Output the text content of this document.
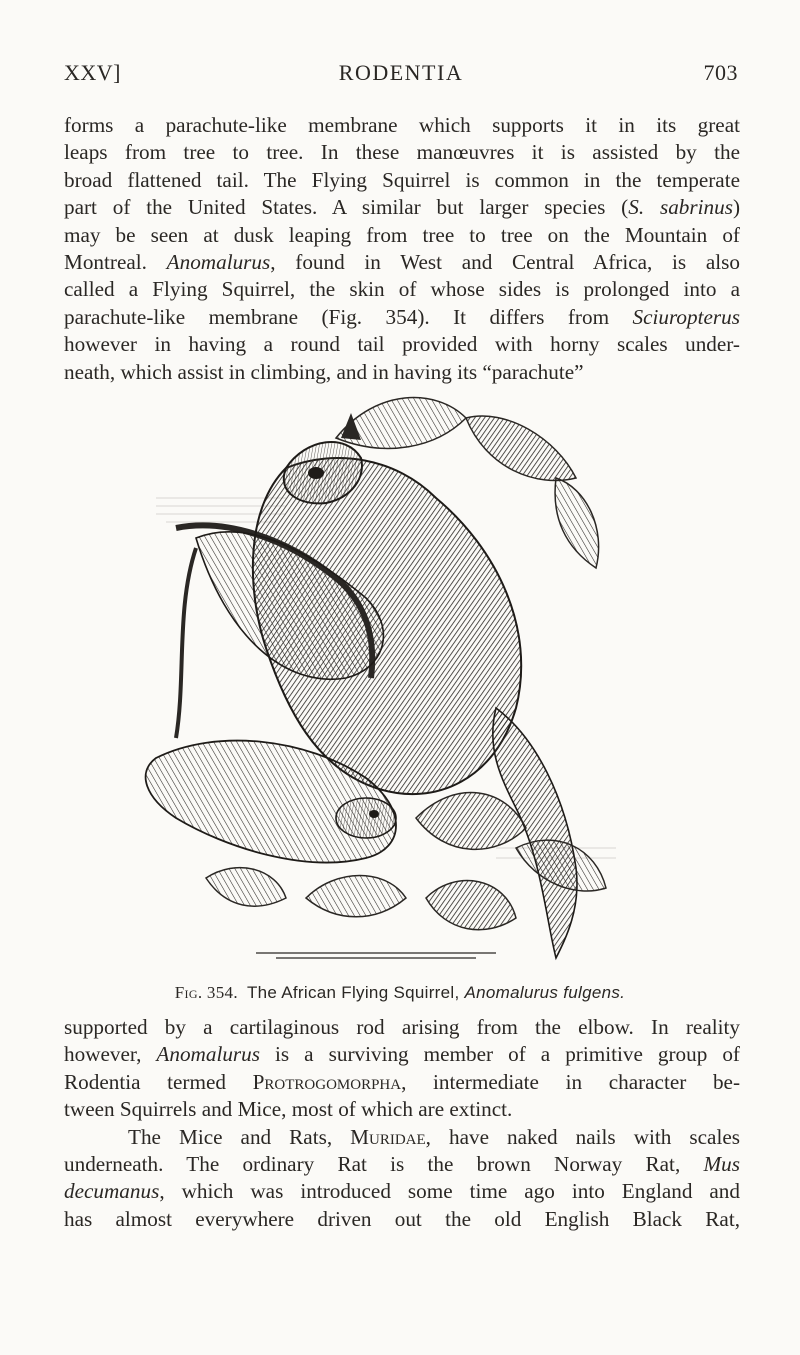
XXV]	RODENTIA	703
forms a parachute-like membrane which supports it in its great
leaps from tree to tree. In these manœuvres it is assisted by the
broad flattened tail. The Flying Squirrel is common in the temperate
part of the United States. A similar but larger species (S. sabrinus)
may be seen at dusk leaping from tree to tree on the Mountain of
Montreal. Anomalurus, found in West and Central Africa, is also
called a Flying Squirrel, the skin of whose sides is prolonged into a
parachute-like membrane (Fig. 354). It differs from Sciuropterus
however in having a round tail provided with horny scales under-
neath, which assist in climbing, and in having its “parachute”
Fig. 354. The African Flying Squirrel, Anomalurus fulgens.
supported by a cartilaginous rod arising from the elbow. In reality
however, Anomalurus is a surviving member of a primitive group of
Rodentia termed Protrogomorpha, intermediate in character be-
tween Squirrels and Mice, most of which are extinct.
The Mice and Rats, Muridae, have naked nails with scales
underneath. The ordinary Rat is the brown Norway Rat, Mus
decumanus, which was introduced some time ago into England and
has almost everywhere driven out the old English Black Rat,
